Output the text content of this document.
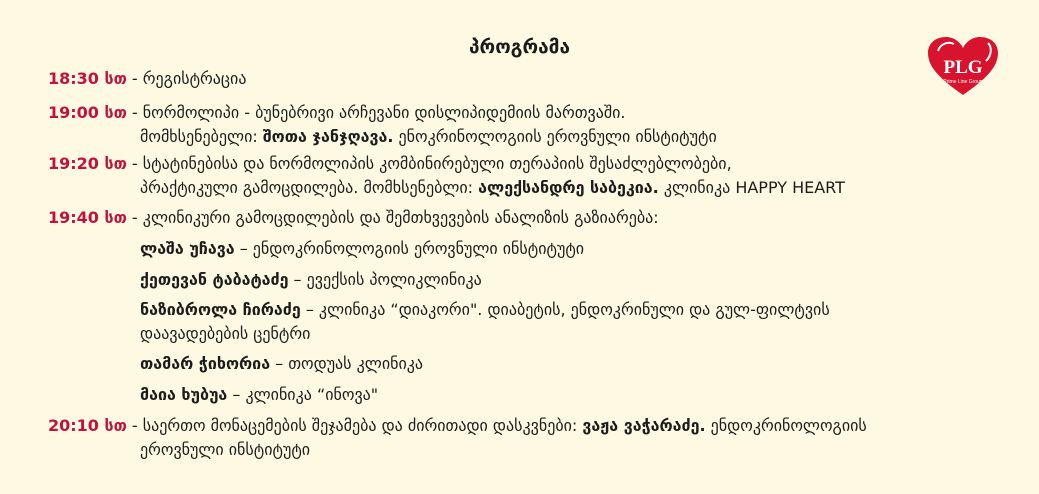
პროგრამა
PLG
Prime Line Group
18:30 სთ - რეგისტრაცია
19:00 სთ - ნორმოლიპი - ბუნებრივი არჩევანი დისლიპიდემიის მართვაში.
მომხსენებელი: შოთა ჯანჯღავა. ენოკრინოლოგიის ეროვნული ინსტიტუტი
19:20 სთ - სტატინებისა და ნორმოლიპის კომბინირებული თერაპიის შესაძლებლობები,
პრაქტიკული გამოცდილება. მომხსენებლი: ალექსანდრე საბეკია. კლინიკა HAPPY HEART
19:40 სთ - კლინიკური გამოცდილების და შემთხვევების ანალიზის გაზიარება:
ლაშა უჩავა – ენდოკრინოლოგიის ეროვნული ინსტიტუტი
ქეთევან ტაბატაძე – ევექსის პოლიკლინიკა
ნაზიბროლა ჩირაძე – კლინიკა “დიაკორი". დიაბეტის, ენდოკრინული და გულ-ფილტვის
დაავადებების ცენტრი
თამარ ჭიხორია – თოდუას კლინიკა
მაია ხუბუა – კლინიკა “ინოვა"
20:10 სთ - საერთო მონაცემების შეჯამება და ძირითადი დასკვნები: ვაჟა ვაჭარაძე. ენდოკრინოლოგიის
ეროვნული ინსტიტუტი
